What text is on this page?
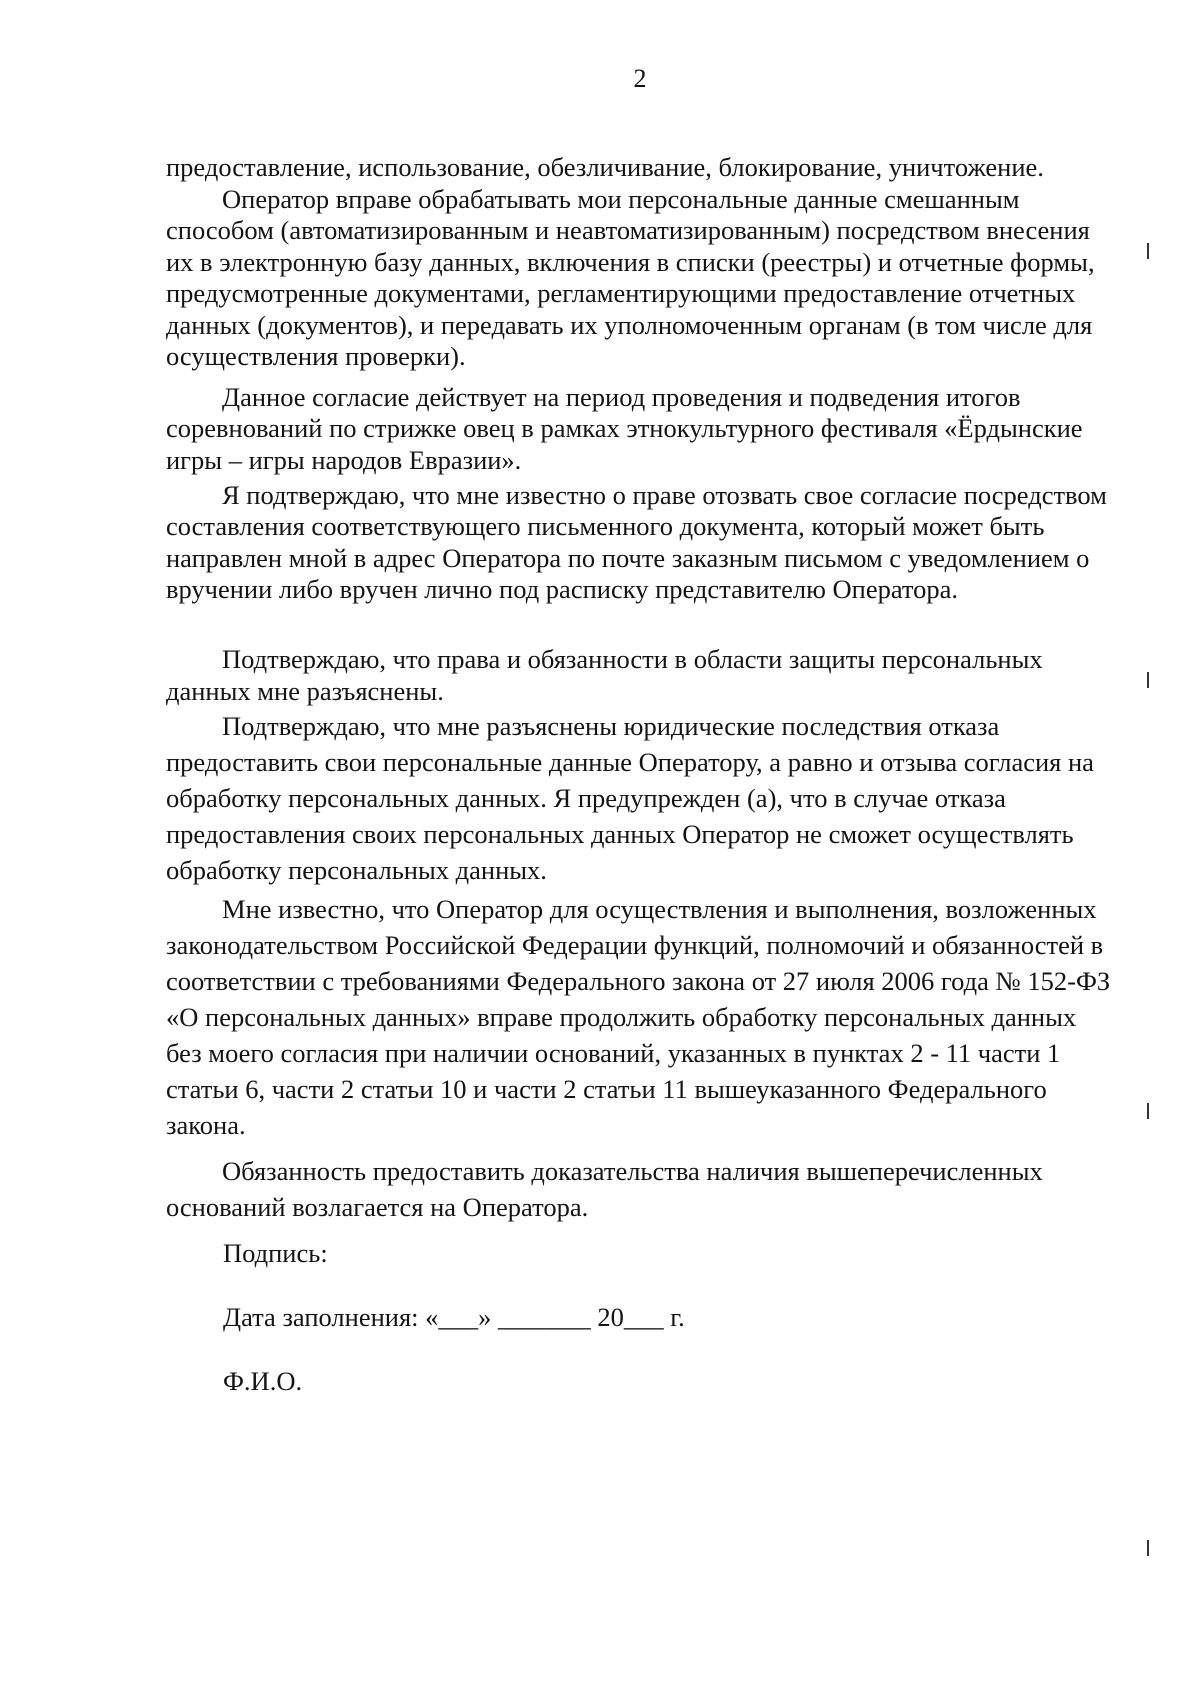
2

предоставление, использование, обезличивание, блокирование, уничтожение.

Оператор вправе обрабатывать мои персональные данные смешанным способом (автоматизированным и неавтоматизированным) посредством внесения их в электронную базу данных, включения в списки (реестры) и отчетные формы, предусмотренные документами, регламентирующими предоставление отчетных данных (документов), и передавать их уполномоченным органам (в том числе для осуществления проверки).

Данное согласие действует на период проведения и подведения итогов соревнований по стрижке овец в рамках этнокультурного фестиваля «Ёрдынские игры – игры народов Евразии».

Я подтверждаю, что мне известно о праве отозвать свое согласие посредством составления соответствующего письменного документа, который может быть направлен мной в адрес Оператора по почте заказным письмом с уведомлением о вручении либо вручен лично под расписку представителю Оператора.

Подтверждаю, что права и обязанности в области защиты персональных данных мне разъяснены.

Подтверждаю, что мне разъяснены юридические последствия отказа предоставить свои персональные данные Оператору, а равно и отзыва согласия на обработку персональных данных. Я предупрежден (а), что в случае отказа предоставления своих персональных данных Оператор не сможет осуществлять обработку персональных данных.

Мне известно, что Оператор для осуществления и выполнения, возложенных законодательством Российской Федерации функций, полномочий и обязанностей в соответствии с требованиями Федерального закона от 27 июля 2006 года № 152-ФЗ «О персональных данных» вправе продолжить обработку персональных данных без моего согласия при наличии оснований, указанных в пунктах 2 - 11 части 1 статьи 6, части 2 статьи 10 и части 2 статьи 11 вышеуказанного Федерального закона.

Обязанность предоставить доказательства наличия вышеперечисленных оснований возлагается на Оператора.

Подпись:
Дата заполнения: «___» _______ 20___ г.
Ф.И.О.
